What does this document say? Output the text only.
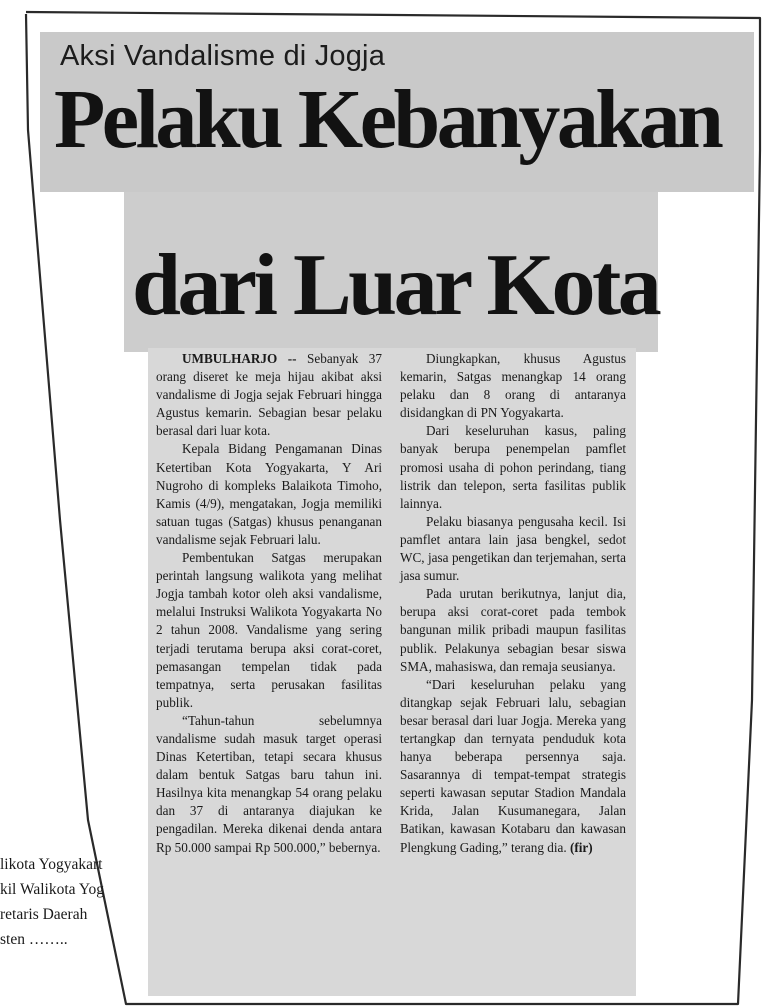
Aksi Vandalisme di Jogja
Pelaku Kebanyakan
dari Luar Kota

UMBULHARJO -- Sebanyak 37 orang diseret ke meja hijau akibat aksi vandalisme di Jogja sejak Februari hingga Agustus kemarin. Sebagian besar pelaku berasal dari luar kota.

Kepala Bidang Pengamanan Dinas Ketertiban Kota Yogyakarta, Y Ari Nugroho di kompleks Balaikota Timoho, Kamis (4/9), mengatakan, Jogja memiliki satuan tugas (Satgas) khusus penanganan vandalisme sejak Februari lalu.

Pembentukan Satgas merupakan perintah langsung walikota yang melihat Jogja tambah kotor oleh aksi vandalisme, melalui Instruksi Walikota Yogyakarta No 2 tahun 2008. Vandalisme yang sering terjadi terutama berupa aksi corat-coret, pemasangan tempelan tidak pada tempatnya, serta perusakan fasilitas publik.

“Tahun-tahun sebelumnya vandalisme sudah masuk target operasi Dinas Ketertiban, tetapi secara khusus dalam bentuk Satgas baru tahun ini. Hasilnya kita menangkap 54 orang pelaku dan 37 di antaranya diajukan ke pengadilan. Mereka dikenai denda antara Rp 50.000 sampai Rp 500.000,” bebernya.

Diungkapkan, khusus Agustus kemarin, Satgas menangkap 14 orang pelaku dan 8 orang di antaranya disidangkan di PN Yogyakarta.

Dari keseluruhan kasus, paling banyak berupa penempelan pamflet promosi usaha di pohon perindang, tiang listrik dan telepon, serta fasilitas publik lainnya.

Pelaku biasanya pengusaha kecil. Isi pamflet antara lain jasa bengkel, sedot WC, jasa pengetikan dan terjemahan, serta jasa sumur.

Pada urutan berikutnya, lanjut dia, berupa aksi corat-coret pada tembok bangunan milik pribadi maupun fasilitas publik. Pelakunya sebagian besar siswa SMA, mahasiswa, dan remaja seusianya.

“Dari keseluruhan pelaku yang ditangkap sejak Februari lalu, sebagian besar berasal dari luar Jogja. Mereka yang tertangkap dan ternyata penduduk kota hanya beberapa persennya saja. Sasarannya di tempat-tempat strategis seperti kawasan seputar Stadion Mandala Krida, Jalan Kusumanegara, Jalan Batikan, kawasan Kotabaru dan kawasan Plengkung Gading,” terang dia. (fir)

likota Yogyakart
kil Walikota Yog
retaris Daerah
sten ……..
